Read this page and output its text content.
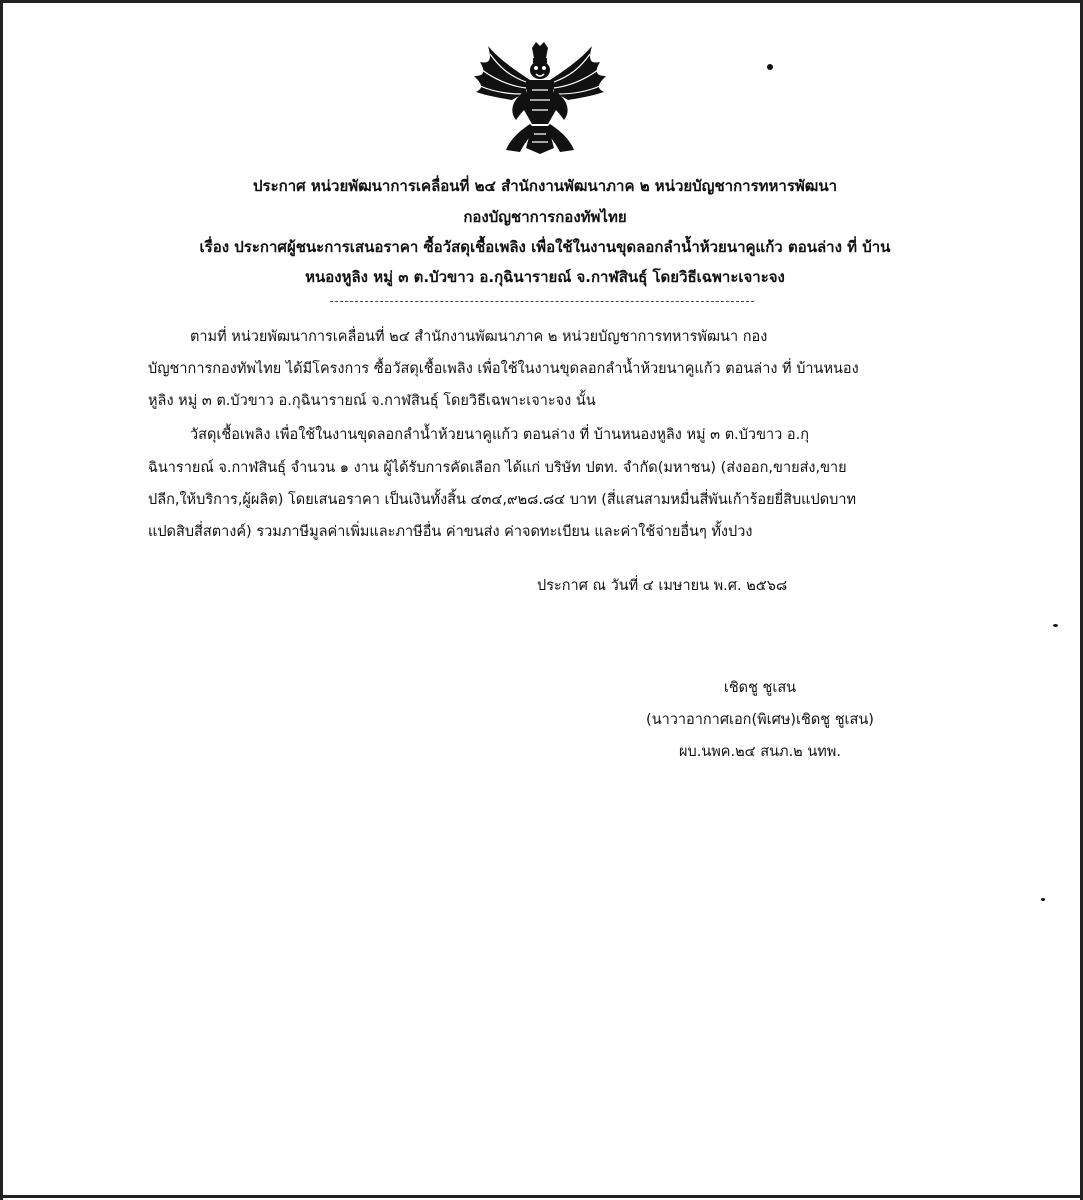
ประกาศ หน่วยพัฒนาการเคลื่อนที่ ๒๔ สำนักงานพัฒนาภาค ๒ หน่วยบัญชาการทหารพัฒนา
กองบัญชาการกองทัพไทย
เรื่อง ประกาศผู้ชนะการเสนอราคา ซื้อวัสดุเชื้อเพลิง เพื่อใช้ในงานขุดลอกลำน้ำห้วยนาคูแก้ว ตอนล่าง ที่ บ้าน
หนองหูลิง หมู่ ๓ ต.บัวขาว อ.กุฉินารายณ์ จ.กาฬสินธุ์ โดยวิธีเฉพาะเจาะจง
ตามที่ หน่วยพัฒนาการเคลื่อนที่ ๒๔ สำนักงานพัฒนาภาค ๒ หน่วยบัญชาการทหารพัฒนา กอง
บัญชาการกองทัพไทย ได้มีโครงการ ซื้อวัสดุเชื้อเพลิง เพื่อใช้ในงานขุดลอกลำน้ำห้วยนาคูแก้ว ตอนล่าง ที่ บ้านหนอง
หูลิง หมู่ ๓ ต.บัวขาว อ.กุฉินารายณ์ จ.กาฬสินธุ์ โดยวิธีเฉพาะเจาะจง นั้น
วัสดุเชื้อเพลิง เพื่อใช้ในงานขุดลอกลำน้ำห้วยนาคูแก้ว ตอนล่าง ที่ บ้านหนองหูลิง หมู่ ๓ ต.บัวขาว อ.กุ
ฉินารายณ์ จ.กาฬสินธุ์ จำนวน ๑ งาน ผู้ได้รับการคัดเลือก ได้แก่ บริษัท ปตท. จำกัด(มหาชน) (ส่งออก,ขายส่ง,ขาย
ปลีก,ให้บริการ,ผู้ผลิต) โดยเสนอราคา เป็นเงินทั้งสิ้น ๔๓๔,๙๒๘.๘๔ บาท (สี่แสนสามหมื่นสี่พันเก้าร้อยยี่สิบแปดบาท
แปดสิบสี่สตางค์) รวมภาษีมูลค่าเพิ่มและภาษีอื่น ค่าขนส่ง ค่าจดทะเบียน และค่าใช้จ่ายอื่นๆ ทั้งปวง
ประกาศ ณ วันที่ ๔ เมษายน พ.ศ. ๒๕๖๘
เชิดชู ชูเสน
(นาวาอากาศเอก(พิเศษ)เชิดชู ชูเสน)
ผบ.นพค.๒๔ สนภ.๒ นทพ.
